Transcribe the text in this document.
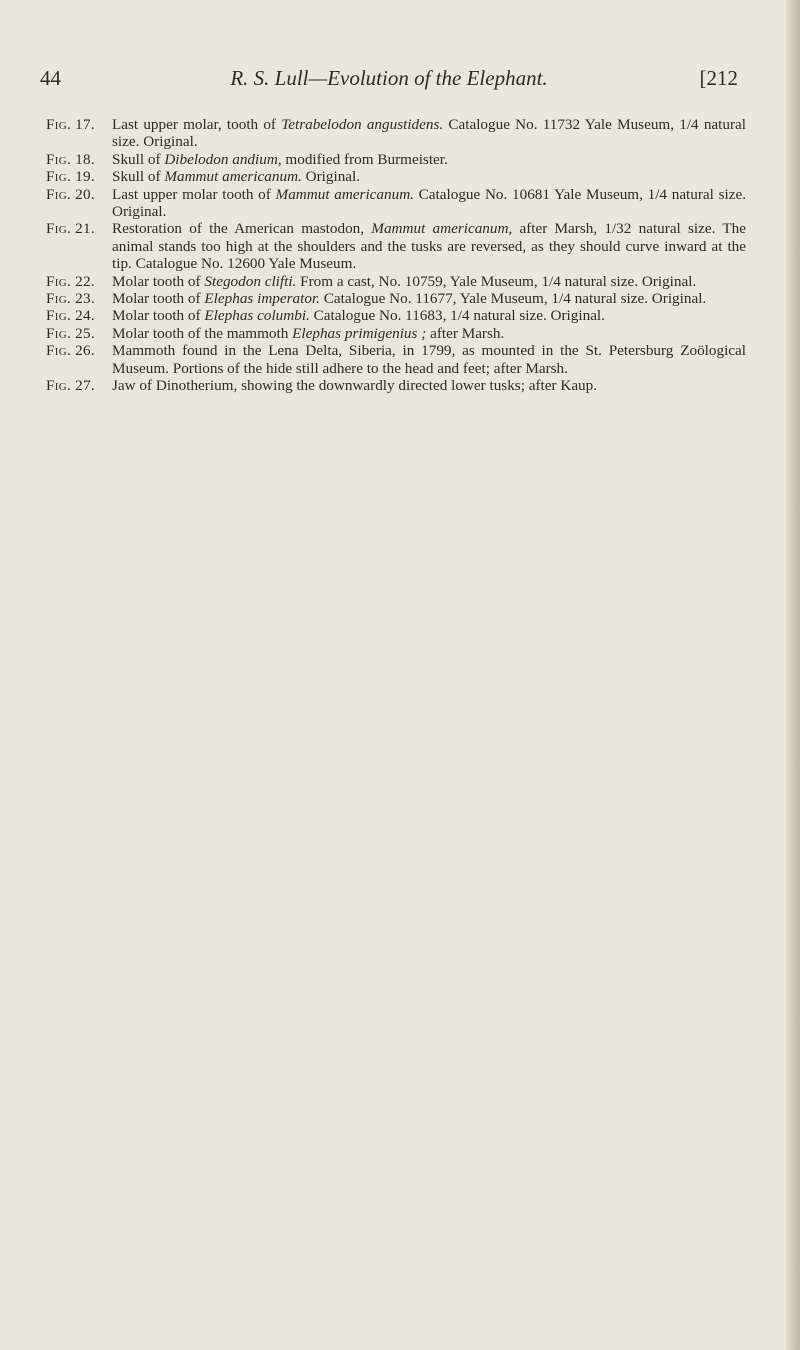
44	R. S. Lull—Evolution of the Elephant.	[212
Fig. 17.	Last upper molar, tooth of Tetrabelodon angustidens. Catalogue No. 11732 Yale Museum, 1/4 natural size. Original.
Fig. 18.	Skull of Dibelodon andium, modified from Burmeister.
Fig. 19.	Skull of Mammut americanum. Original.
Fig. 20.	Last upper molar tooth of Mammut americanum. Catalogue No. 10681 Yale Museum, 1/4 natural size. Original.
Fig. 21.	Restoration of the American mastodon, Mammut americanum, after Marsh, 1/32 natural size. The animal stands too high at the shoulders and the tusks are reversed, as they should curve inward at the tip. Catalogue No. 12600 Yale Museum.
Fig. 22.	Molar tooth of Stegodon clifti. From a cast, No. 10759, Yale Museum, 1/4 natural size. Original.
Fig. 23.	Molar tooth of Elephas imperator. Catalogue No. 11677, Yale Museum, 1/4 natural size. Original.
Fig. 24.	Molar tooth of Elephas columbi. Catalogue No. 11683, 1/4 natural size. Original.
Fig. 25.	Molar tooth of the mammoth Elephas primigenius ; after Marsh.
Fig. 26.	Mammoth found in the Lena Delta, Siberia, in 1799, as mounted in the St. Petersburg Zoölogical Museum. Portions of the hide still adhere to the head and feet; after Marsh.
Fig. 27.	Jaw of Dinotherium, showing the downwardly directed lower tusks; after Kaup.
